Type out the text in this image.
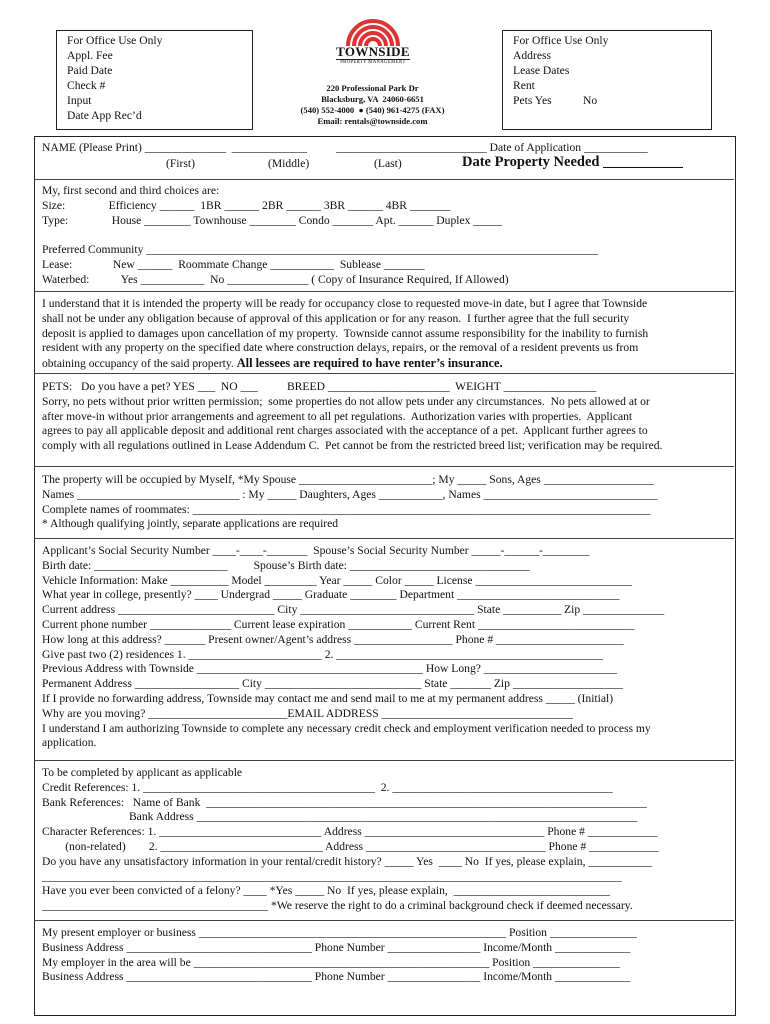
For Office Use Only
Appl. Fee
Paid Date
Check #
Input
Date App Rec’d
TOWNSIDE
PROPERTY MANAGEMENT
220 Professional Park Dr
Blacksburg, VA  24060-6651
(540) 552-4000  ● (540) 961-4275 (FAX)
Email: rentals@townside.com
For Office Use Only
Address
Lease Dates
Rent
Pets Yes	No
NAME (Please Print) ______________  _____________          __________________________ Date of Application ___________
(First)	(Middle)	(Last)	Date Property Needed ___________
My, first second and third choices are:
Size:               Efficiency ______  1BR ______ 2BR ______ 3BR ______ 4BR _______
Type:               House ________ Townhouse ________ Condo _______ Apt. ______ Duplex _____
Preferred Community ______________________________________________________________________________
Lease:              New ______  Roommate Change ___________  Sublease _______
Waterbed:           Yes ___________  No ______________ ( Copy of Insurance Required, If Allowed)
I understand that it is intended the property will be ready for occupancy close to requested move-in date, but I agree that Townside
shall not be under any obligation because of approval of this application or for any reason.  I further agree that the full security
deposit is applied to damages upon cancellation of my property.  Townside cannot assume responsibility for the inability to furnish
resident with any property on the specified date where construction delays, repairs, or the removal of a resident prevents us from
obtaining occupancy of the said property. All lessees are required to have renter’s insurance.
PETS:   Do you have a pet? YES ___  NO ___          BREED _____________________  WEIGHT ________________
Sorry, no pets without prior written permission;  some properties do not allow pets under any circumstances.  No pets allowed at or
after move-in without prior arrangements and agreement to all pet regulations.  Authorization varies with properties.  Applicant
agrees to pay all applicable deposit and additional rent charges associated with the acceptance of a pet.  Applicant further agrees to
comply with all regulations outlined in Lease Addendum C.  Pet cannot be from the restricted breed list; verification may be required.
The property will be occupied by Myself, *My Spouse _______________________; My _____ Sons, Ages ___________________
Names ____________________________ : My _____ Daughters, Ages ___________, Names ______________________________
Complete names of roommates: _______________________________________________________________________________
* Although qualifying jointly, separate applications are required
Applicant’s Social Security Number ____-____-_______  Spouse’s Social Security Number _____-______-________
Birth date: _______________________         Spouse’s Birth date: _______________________________
Vehicle Information: Make __________ Model _________ Year _____ Color _____ License ___________________________
What year in college, presently? ____ Undergrad _____ Graduate ________ Department ____________________________
Current address ___________________________ City ______________________________ State __________ Zip ______________
Current phone number ______________ Current lease expiration ___________ Current Rent ___________________________
How long at this address? _______ Present owner/Agent’s address _________________ Phone # ______________________
Give past two (2) residences 1. _______________________ 2. ______________________________________________
Previous Address with Townside _______________________________________ How Long? _______________________
Permanent Address __________________ City ___________________________ State _______ Zip ___________________
If I provide no forwarding address, Townside may contact me and send mail to me at my permanent address _____ (Initial)
Why are you moving? ________________________EMAIL ADDRESS _________________________________
I understand I am authorizing Townside to complete any necessary credit check and employment verification needed to process my
application.
To be completed by applicant as applicable
Credit References: 1. ________________________________________  2. ______________________________________
Bank References:   Name of Bank  ____________________________________________________________________________
Bank Address ____________________________________________________________________________
Character References: 1. ____________________________ Address _______________________________ Phone # ____________
(non-related)        2. ____________________________ Address _______________________________ Phone # ____________
Do you have any unsatisfactory information in your rental/credit history? _____ Yes  ____ No  If yes, please explain, ___________
____________________________________________________________________________________________________
Have you ever been convicted of a felony? ____ *Yes _____ No  If yes, please explain,  ___________________________
_______________________________________ *We reserve the right to do a criminal background check if deemed necessary.
My present employer or business _____________________________________________________ Position _______________
Business Address ________________________________ Phone Number ________________ Income/Month _____________
My employer in the area will be ___________________________________________________ Position _______________
Business Address ________________________________ Phone Number ________________ Income/Month _____________
